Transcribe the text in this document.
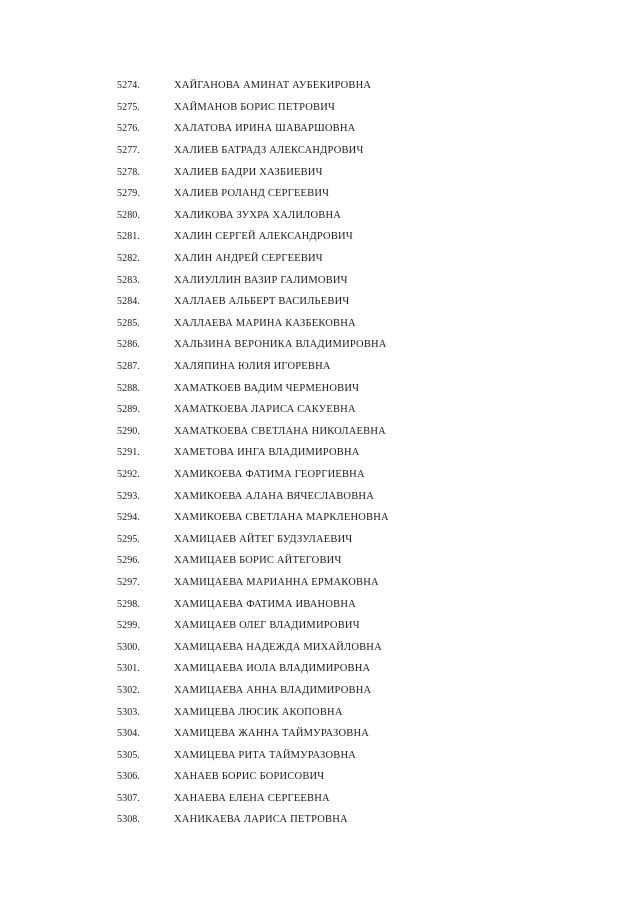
5274.	ХАЙГАНОВА АМИНАТ АУБЕКИРОВНА
5275.	ХАЙМАНОВ БОРИС ПЕТРОВИЧ
5276.	ХАЛАТОВА ИРИНА ШАВАРШОВНА
5277.	ХАЛИЕВ БАТРАДЗ АЛЕКСАНДРОВИЧ
5278.	ХАЛИЕВ БАДРИ ХАЗБИЕВИЧ
5279.	ХАЛИЕВ РОЛАНД СЕРГЕЕВИЧ
5280.	ХАЛИКОВА ЗУХРА ХАЛИЛОВНА
5281.	ХАЛИН СЕРГЕЙ АЛЕКСАНДРОВИЧ
5282.	ХАЛИН АНДРЕЙ СЕРГЕЕВИЧ
5283.	ХАЛИУЛЛИН ВАЗИР ГАЛИМОВИЧ
5284.	ХАЛЛАЕВ АЛЬБЕРТ ВАСИЛЬЕВИЧ
5285.	ХАЛЛАЕВА МАРИНА КАЗБЕКОВНА
5286.	ХАЛЬЗИНА ВЕРОНИКА ВЛАДИМИРОВНА
5287.	ХАЛЯПИНА ЮЛИЯ ИГОРЕВНА
5288.	ХАМАТКОЕВ ВАДИМ ЧЕРМЕНОВИЧ
5289.	ХАМАТКОЕВА ЛАРИСА САКУЕВНА
5290.	ХАМАТКОЕВА СВЕТЛАНА НИКОЛАЕВНА
5291.	ХАМЕТОВА ИНГА ВЛАДИМИРОВНА
5292.	ХАМИКОЕВА ФАТИМА ГЕОРГИЕВНА
5293.	ХАМИКОЕВА АЛАНА ВЯЧЕСЛАВОВНА
5294.	ХАМИКОЕВА СВЕТЛАНА МАРКЛЕНОВНА
5295.	ХАМИЦАЕВ АЙТЕГ БУДЗУЛАЕВИЧ
5296.	ХАМИЦАЕВ БОРИС АЙТЕГОВИЧ
5297.	ХАМИЦАЕВА МАРИАННА ЕРМАКОВНА
5298.	ХАМИЦАЕВА ФАТИМА ИВАНОВНА
5299.	ХАМИЦАЕВ ОЛЕГ ВЛАДИМИРОВИЧ
5300.	ХАМИЦАЕВА НАДЕЖДА МИХАЙЛОВНА
5301.	ХАМИЦАЕВА ИОЛА ВЛАДИМИРОВНА
5302.	ХАМИЦАЕВА АННА ВЛАДИМИРОВНА
5303.	ХАМИЦЕВА ЛЮСИК АКОПОВНА
5304.	ХАМИЦЕВА ЖАННА ТАЙМУРАЗОВНА
5305.	ХАМИЦЕВА РИТА ТАЙМУРАЗОВНА
5306.	ХАНАЕВ БОРИС БОРИСОВИЧ
5307.	ХАНАЕВА ЕЛЕНА СЕРГЕЕВНА
5308.	ХАНИКАЕВА ЛАРИСА ПЕТРОВНА
